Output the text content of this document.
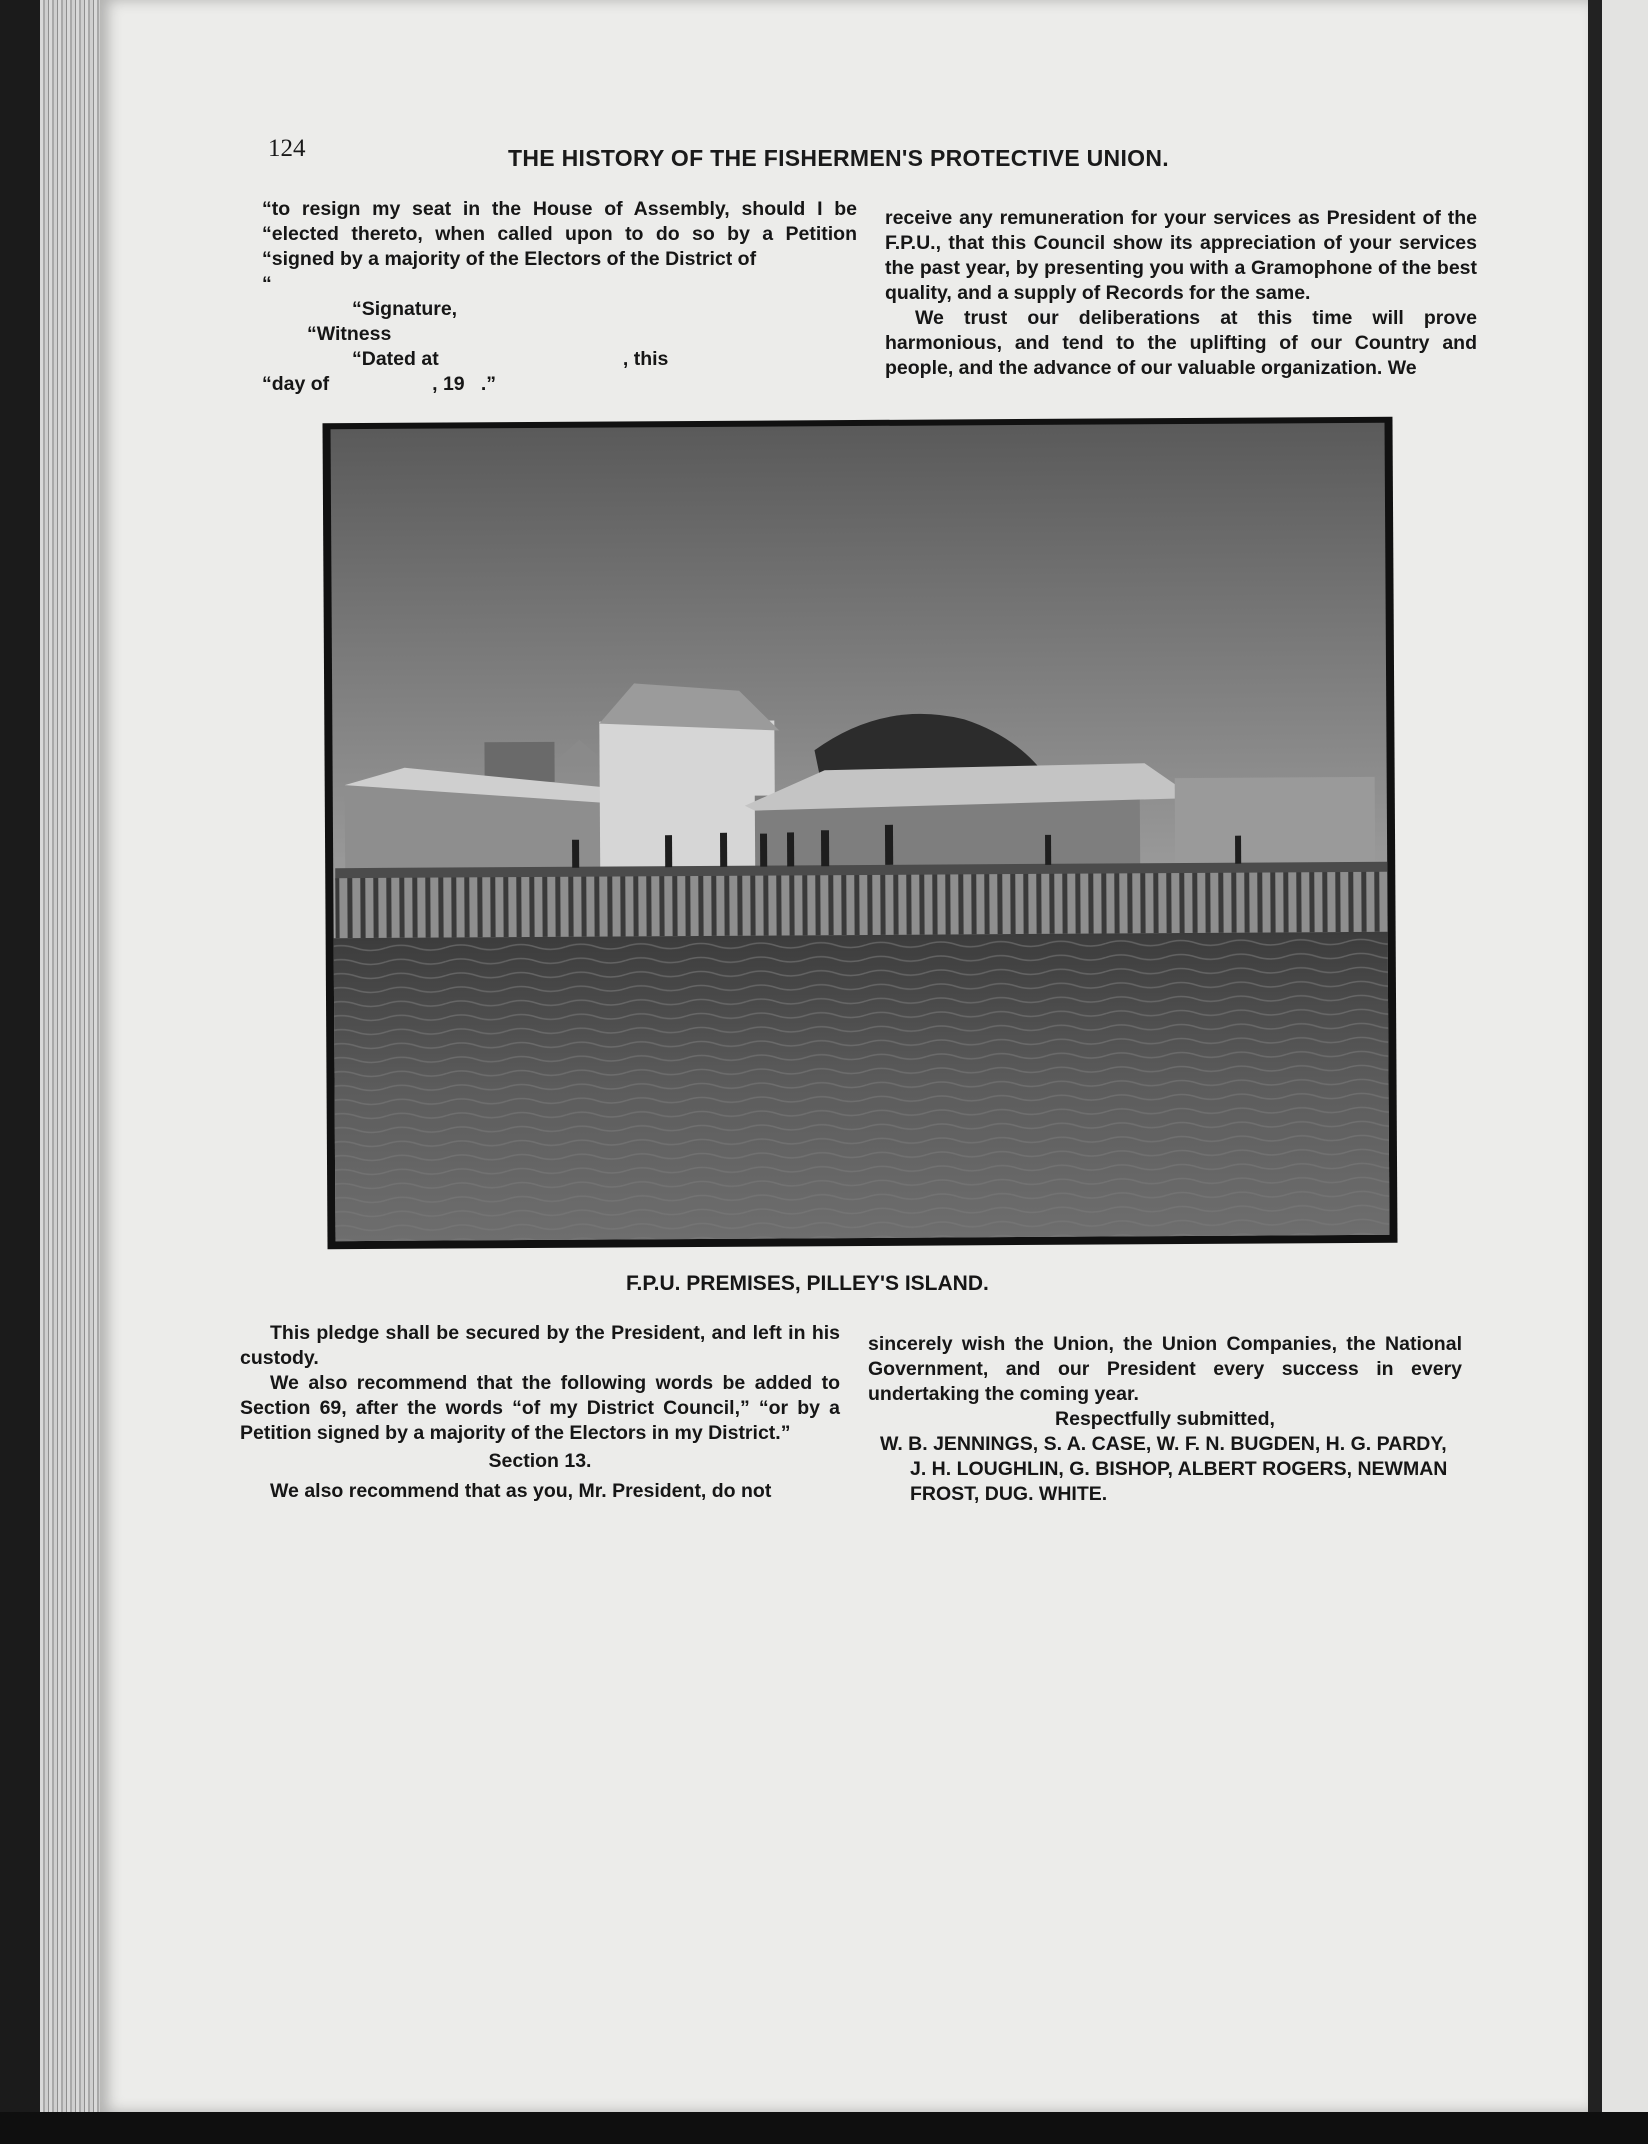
124	THE HISTORY OF THE FISHERMEN'S PROTECTIVE UNION.

“to resign my seat in the House of Assembly, should I be “elected thereto, when called upon to do so by a Petition “signed by a majority of the Electors of the District of

“
“Signature,
“Witness
“Dated at                                  , this
“day of                   , 19   .”

receive any remuneration for your services as President of the F.P.U., that this Council show its appreciation of your services the past year, by presenting you with a Gramophone of the best quality, and a supply of Records for the same.

We trust our deliberations at this time will prove harmonious, and tend to the uplifting of our Country and people, and the advance of our valuable organization. We

F.P.U. PREMISES, PILLEY'S ISLAND.

This pledge shall be secured by the President, and left in his custody.

We also recommend that the following words be added to Section 69, after the words “of my District Council,” “or by a Petition signed by a majority of the Electors in my District.”

Section 13.

We also recommend that as you, Mr. President, do not

sincerely wish the Union, the Union Companies, the National Government, and our President every success in every undertaking the coming year.

Respectfully submitted,

W. B. JENNINGS, S. A. CASE, W. F. N. BUGDEN, H. G. PARDY, J. H. LOUGHLIN, G. BISHOP, ALBERT ROGERS, NEWMAN FROST, DUG. WHITE.
